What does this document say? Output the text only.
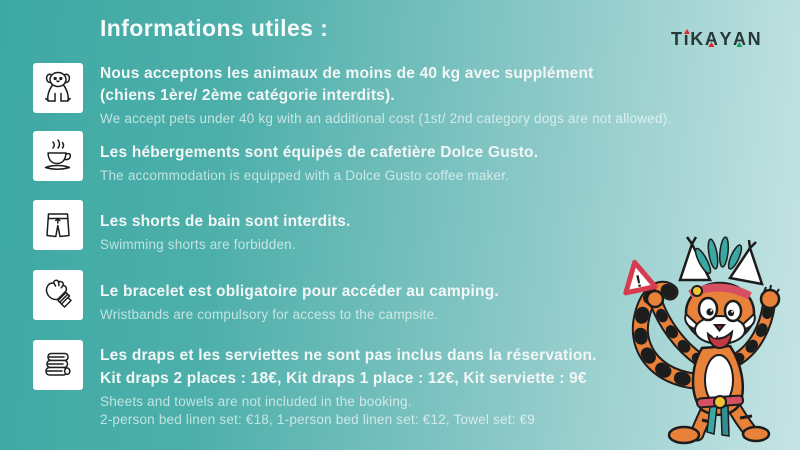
Informations utiles :	T ı K A Y A N
Nous acceptons les animaux de moins de 40 kg avec supplément
(chiens 1ère/ 2ème catégorie interdits).
We accept pets under 40 kg with an additional cost (1st/ 2nd category dogs are not allowed).
Les hébergements sont équipés de cafetière Dolce Gusto.
The accommodation is equipped with a Dolce Gusto coffee maker.
Les shorts de bain sont interdits.
Swimming shorts are forbidden.
Le bracelet est obligatoire pour accéder au camping.
Wristbands are compulsory for access to the campsite.
Les draps et les serviettes ne sont pas inclus dans la réservation.
Kit draps 2 places : 18€, Kit draps 1 place : 12€, Kit serviette : 9€
Sheets and towels are not included in the booking.
2-person bed linen set: €18, 1-person bed linen set: €12, Towel set: €9
!
